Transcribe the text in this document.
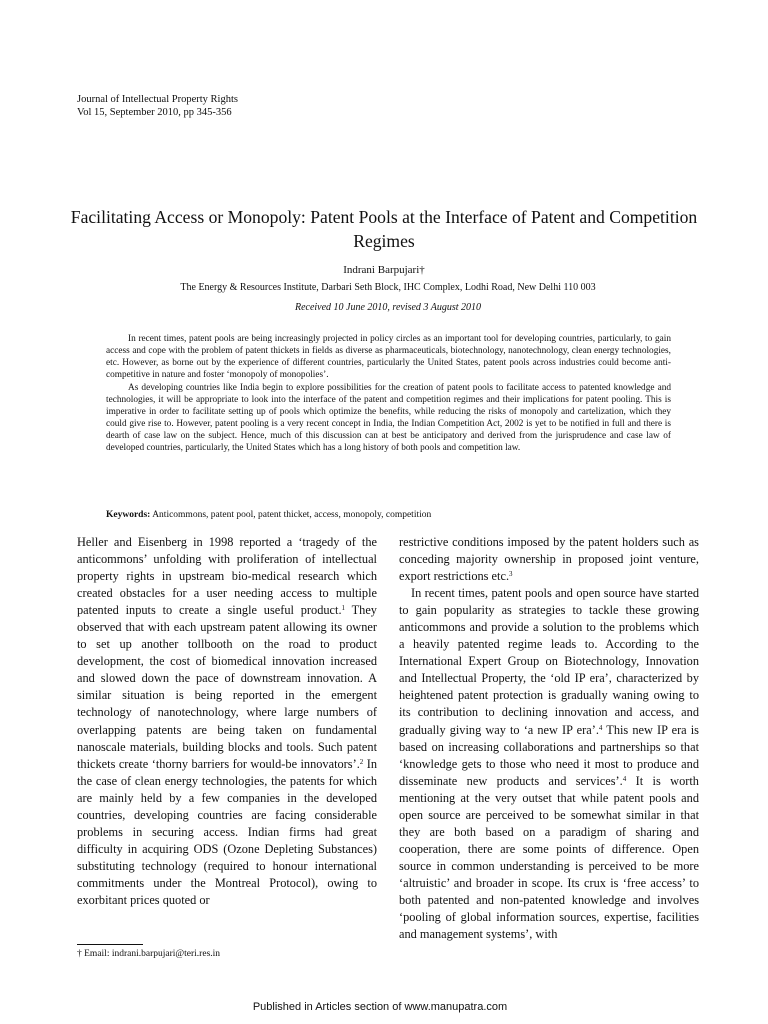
Journal of Intellectual Property Rights
Vol 15, September 2010, pp 345-356
Facilitating Access or Monopoly: Patent Pools at the Interface of Patent and Competition Regimes
Indrani Barpujari†
The Energy & Resources Institute, Darbari Seth Block, IHC Complex, Lodhi Road, New Delhi 110 003
Received 10 June 2010, revised 3 August 2010

In recent times, patent pools are being increasingly projected in policy circles as an important tool for developing countries, particularly, to gain access and cope with the problem of patent thickets in fields as diverse as pharmaceuticals, biotechnology, nanotechnology, clean energy technologies, etc. However, as borne out by the experience of different countries, particularly the United States, patent pools across industries could become anti-competitive in nature and foster ‘monopoly of monopolies’.

As developing countries like India begin to explore possibilities for the creation of patent pools to facilitate access to patented knowledge and technologies, it will be appropriate to look into the interface of the patent and competition regimes and their implications for patent pooling. This is imperative in order to facilitate setting up of pools which optimize the benefits, while reducing the risks of monopoly and cartelization, which they could give rise to. However, patent pooling is a very recent concept in India, the Indian Competition Act, 2002 is yet to be notified in full and there is dearth of case law on the subject. Hence, much of this discussion can at best be anticipatory and derived from the jurisprudence and case law of developed countries, particularly, the United States which has a long history of both pools and competition law.

Keywords: Anticommons, patent pool, patent thicket, access, monopoly, competition

Heller and Eisenberg in 1998 reported a ‘tragedy of the anticommons’ unfolding with proliferation of intellectual property rights in upstream bio-medical research which created obstacles for a user needing access to multiple patented inputs to create a single useful product.$^1$ They observed that with each upstream patent allowing its owner to set up another tollbooth on the road to product development, the cost of biomedical innovation increased and slowed down the pace of downstream innovation. A similar situation is being reported in the emergent technology of nanotechnology, where large numbers of overlapping patents are being taken on fundamental nanoscale materials, building blocks and tools. Such patent thickets create ‘thorny barriers for would-be innovators’.$^2$ In the case of clean energy technologies, the patents for which are mainly held by a few companies in the developed countries, developing countries are facing considerable problems in securing access. Indian firms had great difficulty in acquiring ODS (Ozone Depleting Substances) substituting technology (required to honour international commitments under the Montreal Protocol), owing to exorbitant prices quoted or

restrictive conditions imposed by the patent holders such as conceding majority ownership in proposed joint venture, export restrictions etc.$^3$

In recent times, patent pools and open source have started to gain popularity as strategies to tackle these growing anticommons and provide a solution to the problems which a heavily patented regime leads to. According to the International Expert Group on Biotechnology, Innovation and Intellectual Property, the ‘old IP era’, characterized by heightened patent protection is gradually waning owing to its contribution to declining innovation and access, and gradually giving way to ‘a new IP era’.$^4$ This new IP era is based on increasing collaborations and partnerships so that ‘knowledge gets to those who need it most to produce and disseminate new products and services’.$^4$ It is worth mentioning at the very outset that while patent pools and open source are perceived to be somewhat similar in that they are both based on a paradigm of sharing and cooperation, there are some points of difference. Open source in common understanding is perceived to be more ‘altruistic’ and broader in scope. Its crux is ‘free access’ to both patented and non-patented knowledge and involves ‘pooling of global information sources, expertise, facilities and management systems’, with

† Email: indrani.barpujari@teri.res.in
Published in Articles section of www.manupatra.com
